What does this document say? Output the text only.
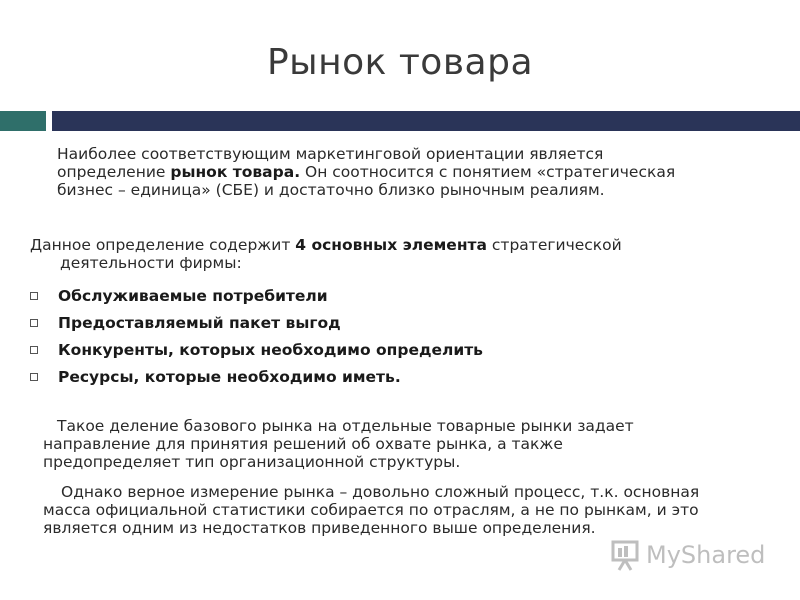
Рынок товара
Наиболее соответствующим маркетинговой ориентации является
определение рынок товара. Он соотносится с понятием «стратегическая
бизнес – единица» (СБЕ) и достаточно близко рыночным реалиям.
Данное определение содержит 4 основных элемента стратегической
деятельности фирмы:
Обслуживаемые потребители
Предоставляемый пакет выгод
Конкуренты, которых необходимо определить
Ресурсы, которые необходимо иметь.
Такое деление базового рынка на отдельные товарные рынки задает
направление для принятия решений об охвате рынка, а также
предопределяет тип организационной структуры.
Однако верное измерение рынка – довольно сложный процесс, т.к. основная
масса официальной статистики собирается по отраслям, а не по рынкам, и это
является одним из недостатков приведенного выше определения.
MyShared
